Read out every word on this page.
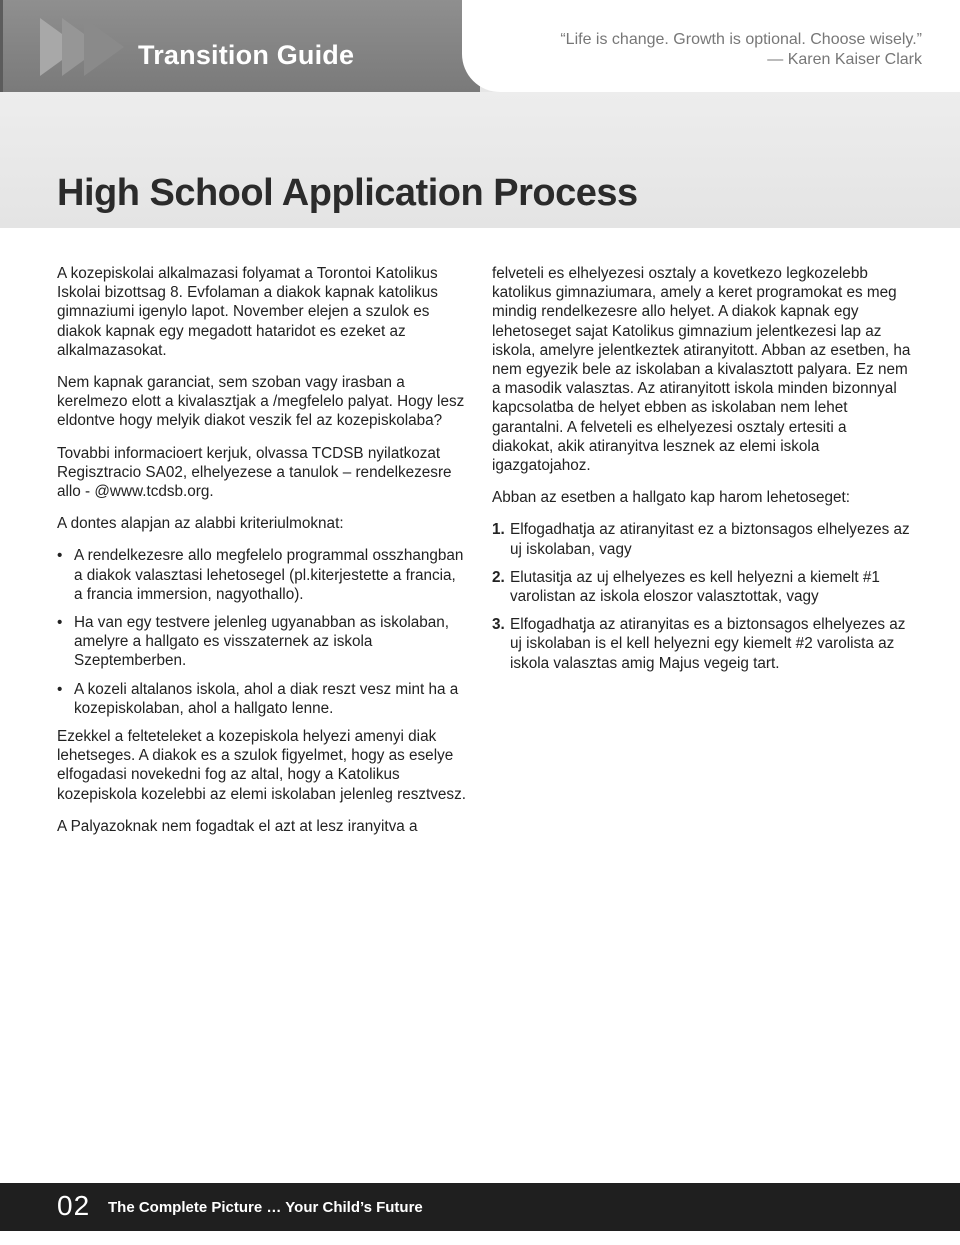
Transition Guide
“Life is change. Growth is optional. Choose wisely.”
— Karen Kaiser Clark
High School Application Process

A kozepiskolai alkalmazasi folyamat a Torontoi Katolikus Iskolai bizottsag 8. Evfolaman a diakok kapnak katolikus gimnaziumi igenylo lapot. November elejen a szulok es diakok kapnak egy megadott hataridot es ezeket az alkalmazasokat.

Nem kapnak garanciat, sem szoban vagy irasban a kerelmezo elott a kivalasztjak a /megfelelo palyat. Hogy lesz eldontve hogy melyik diakot veszik fel az kozepiskolaba?

Tovabbi informacioert kerjuk, olvassa TCDSB nyilatkozat Regisztracio SA02, elhelyezese a tanulok – rendelkezesre allo - @www.tcdsb.org.

A dontes alapjan az alabbi kriteriulmoknat:

• A rendelkezesre allo megfelelo programmal osszhangban a diakok valasztasi lehetosegel (pl.kiterjestette a francia, a francia immersion, nagyothallo).
• Ha van egy testvere jelenleg ugyanabban as iskolaban, amelyre a hallgato es visszaternek az iskola Szeptemberben.
• A kozeli altalanos iskola, ahol a diak reszt vesz mint ha a kozepiskolaban, ahol a hallgato lenne.

Ezekkel a felteteleket a kozepiskola helyezi amenyi diak lehetseges. A diakok es a szulok figyelmet, hogy as eselye elfogadasi novekedni fog az altal, hogy a Katolikus kozepiskola kozelebbi az elemi iskolaban jelenleg resztvesz.

A Palyazoknak nem fogadtak el azt at lesz iranyitva a

felveteli es elhelyezesi osztaly a kovetkezo legkozelebb katolikus gimnaziumara, amely a keret programokat es meg mindig rendelkezesre allo helyet. A diakok kapnak egy lehetoseget sajat Katolikus gimnazium jelentkezesi lap az iskola, amelyre jelentkeztek atiranyitott. Abban az esetben, ha nem egyezik bele az iskolaban a kivalasztott palyara. Ez nem a masodik valasztas. Az atiranyitott iskola minden bizonnyal kapcsolatba de helyet ebben as iskolaban nem lehet garantalni. A felveteli es elhelyezesi osztaly ertesiti a diakokat, akik atiranyitva lesznek az elemi iskola igazgatojahoz.

Abban az esetben a hallgato kap harom lehetoseget:

1. Elfogadhatja az atiranyitast ez a biztonsagos elhelyezes az uj iskolaban, vagy
2. Elutasitja az uj elhelyezes es kell helyezni a kiemelt #1 varolistan az iskola eloszor valasztottak, vagy
3. Elfogadhatja az atiranyitas es a biztonsagos elhelyezes az uj iskolaban is el kell helyezni egy kiemelt #2 varolista az iskola valasztas amig Majus vegeig tart.
02 The Complete Picture … Your Child’s Future
